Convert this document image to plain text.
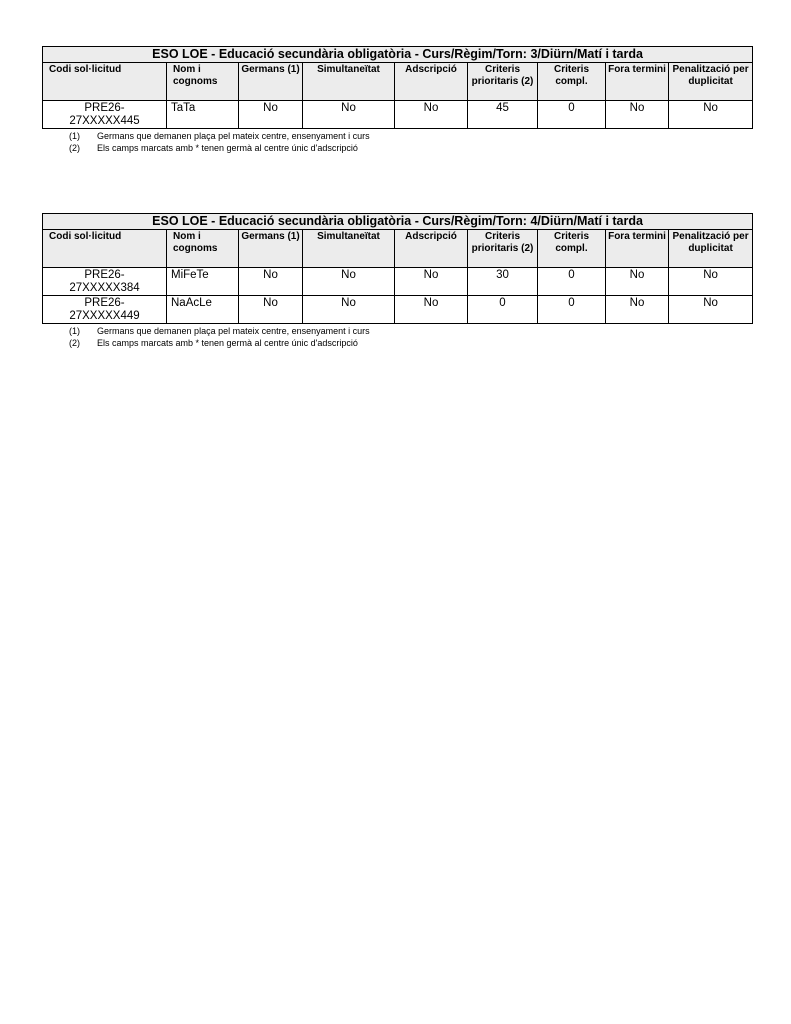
ESO LOE - Educació secundària obligatòria - Curs/Règim/Torn: 3/Diürn/Matí i tarda								
Codi sol·licitud	Nom i cognoms	Germans (1)	Simultaneïtat	Adscripció	Criteris prioritaris (2)	Criteris compl.	Fora termini	Penalització per duplicitat
PRE26-
27XXXXX445	TaTa	No	No	No	45	0	No	No
(1)	Germans que demanen plaça pel mateix centre, ensenyament i curs
(2)	Els camps marcats amb * tenen germà al centre únic d'adscripció
ESO LOE - Educació secundària obligatòria - Curs/Règim/Torn: 4/Diürn/Matí i tarda								
Codi sol·licitud	Nom i cognoms	Germans (1)	Simultaneïtat	Adscripció	Criteris prioritaris (2)	Criteris compl.	Fora termini	Penalització per duplicitat
PRE26-
27XXXXX384	MiFeTe	No	No	No	30	0	No	No
PRE26-
27XXXXX449	NaAcLe	No	No	No	0	0	No	No
(1)	Germans que demanen plaça pel mateix centre, ensenyament i curs
(2)	Els camps marcats amb * tenen germà al centre únic d'adscripció
